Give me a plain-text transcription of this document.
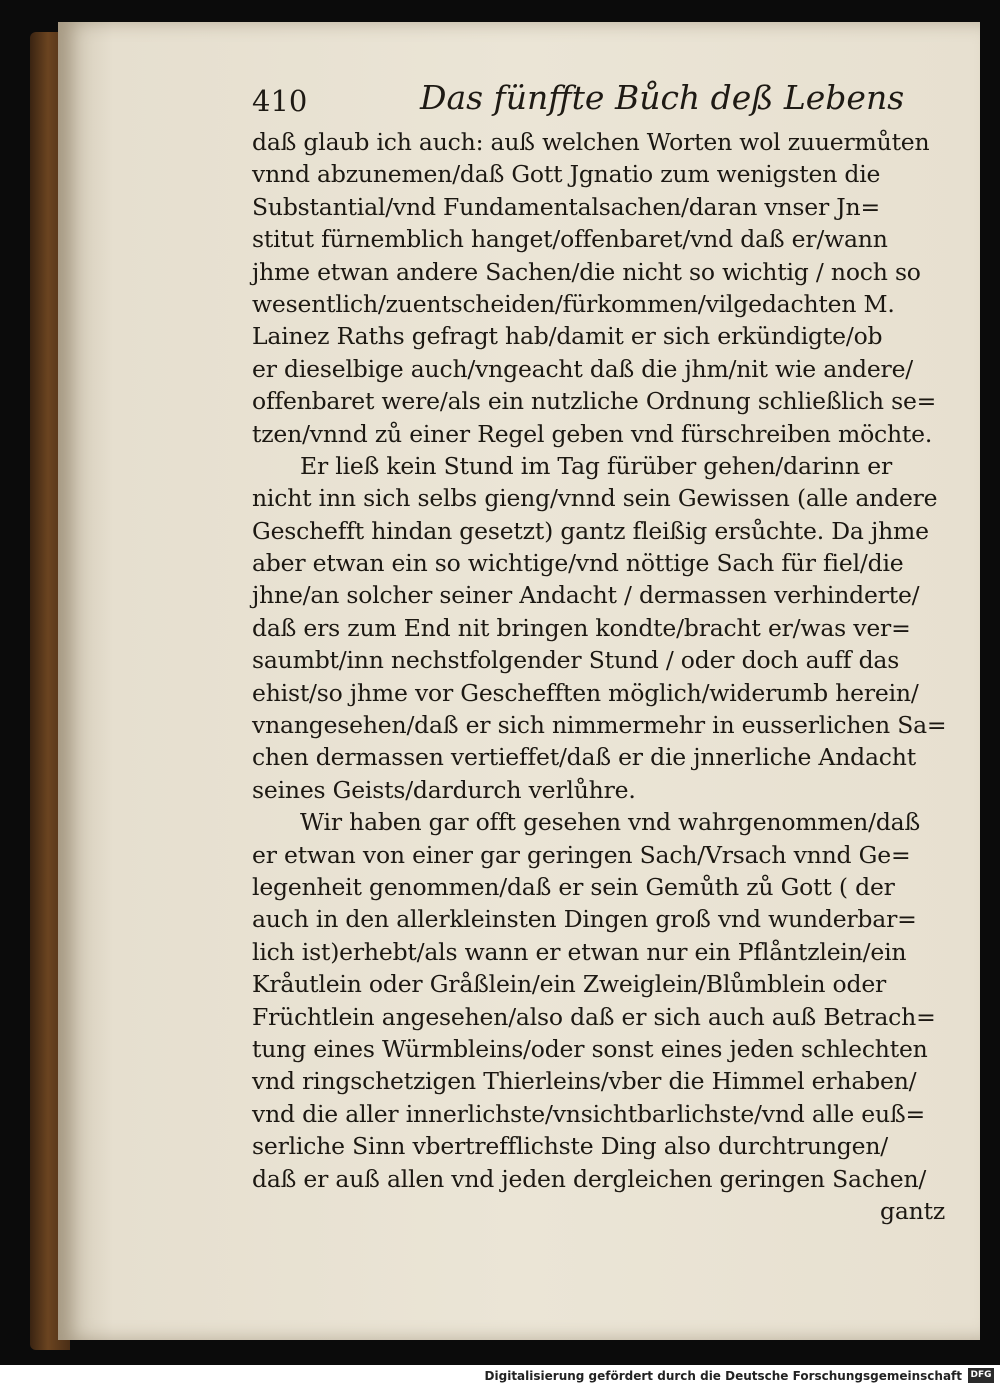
410	Das fünffte Bůch deß Lebens
daß glaub ich auch: auß welchen Worten wol zuuermůten
vnnd abzunemen/daß Gott Jgnatio zum wenigsten die
Substantial/vnd Fundamentalsachen/daran vnser Jn=
stitut fürnemblich hanget/offenbaret/vnd daß er/wann
jhme etwan andere Sachen/die nicht so wichtig / noch so
wesentlich/zuentscheiden/fürkommen/vilgedachten M.
Lainez Raths gefragt hab/damit er sich erkündigte/ob
er dieselbige auch/vngeacht daß die jhm/nit wie andere/
offenbaret were/als ein nutzliche Ordnung schließlich se=
tzen/vnnd zů einer Regel geben vnd fürschreiben möchte.
Er ließ kein Stund im Tag fürüber gehen/darinn er
nicht inn sich selbs gieng/vnnd sein Gewissen (alle andere
Geschefft hindan gesetzt) gantz fleißig ersůchte. Da jhme
aber etwan ein so wichtige/vnd nöttige Sach für fiel/die
jhne/an solcher seiner Andacht / dermassen verhinderte/
daß ers zum End nit bringen kondte/bracht er/was ver=
saumbt/inn nechstfolgender Stund / oder doch auff das
ehist/so jhme vor Geschefften möglich/widerumb herein/
vnangesehen/daß er sich nimmermehr in eusserlichen Sa=
chen dermassen vertieffet/daß er die jnnerliche Andacht
seines Geists/dardurch verlůhre.
Wir haben gar offt gesehen vnd wahrgenommen/daß
er etwan von einer gar geringen Sach/Vrsach vnnd Ge=
legenheit genommen/daß er sein Gemůth zů Gott ( der
auch in den allerkleinsten Dingen groß vnd wunderbar=
lich ist)erhebt/als wann er etwan nur ein Pflåntzlein/ein
Kråutlein oder Gråßlein/ein Zweiglein/Blůmblein oder
Früchtlein angesehen/also daß er sich auch auß Betrach=
tung eines Würmbleins/oder sonst eines jeden schlechten
vnd ringschetzigen Thierleins/vber die Himmel erhaben/
vnd die aller innerlichste/vnsichtbarlichste/vnd alle euß=
serliche Sinn vbertrefflichste Ding also durchtrungen/
daß er auß allen vnd jeden dergleichen geringen Sachen/
gantz
Digitalisierung gefördert durch die Deutsche Forschungsgemeinschaft DFG
